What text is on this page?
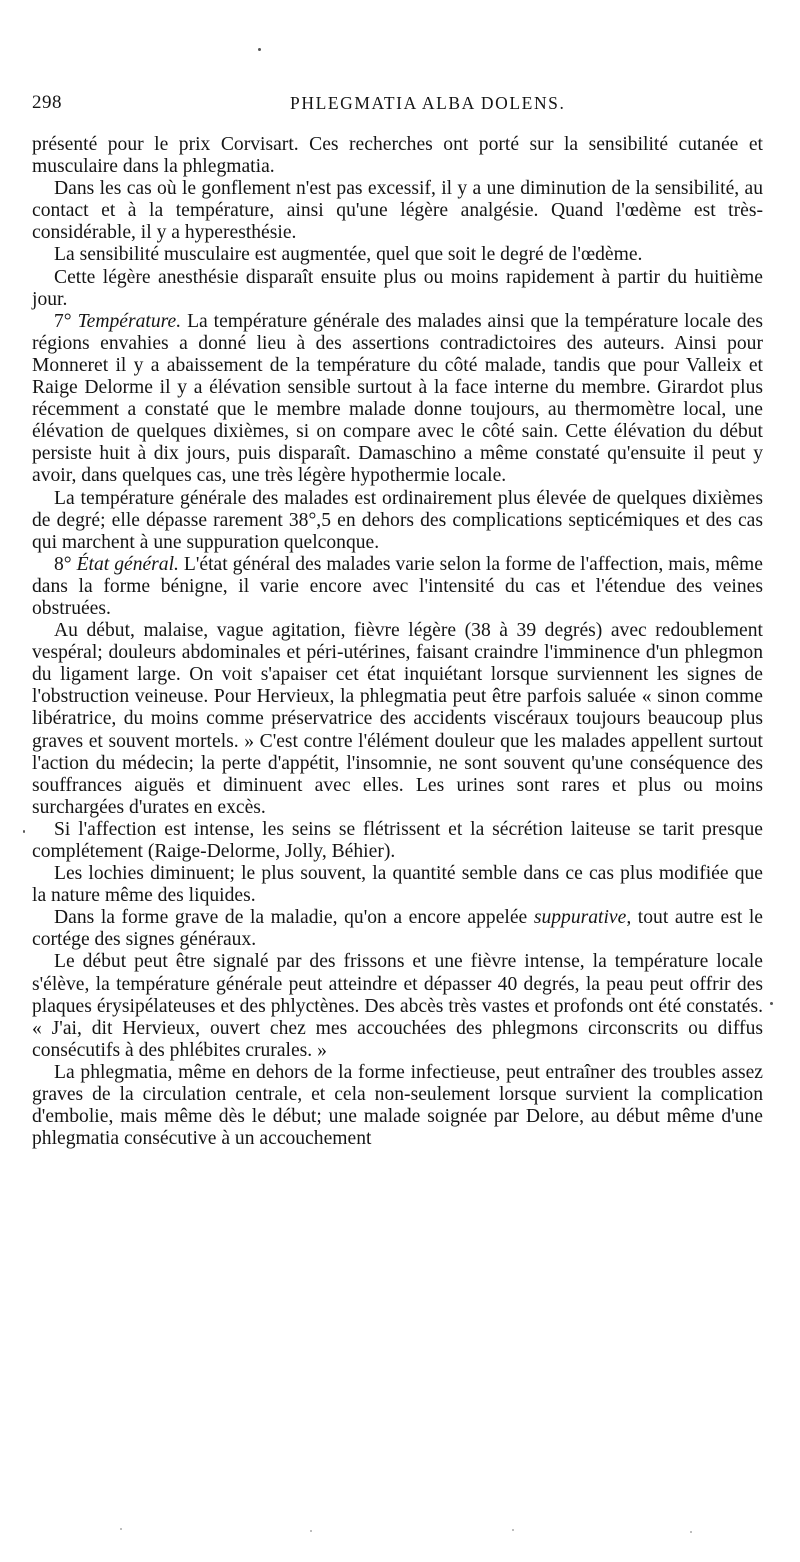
298	PHLEGMATIA ALBA DOLENS.

présenté pour le prix Corvisart. Ces recherches ont porté sur la sensibilité cutanée et musculaire dans la phlegmatia.

Dans les cas où le gonflement n'est pas excessif, il y a une diminution de la sensibilité, au contact et à la température, ainsi qu'une légère analgésie. Quand l'œdème est très-considérable, il y a hyperesthésie.

La sensibilité musculaire est augmentée, quel que soit le degré de l'œdème.

Cette légère anesthésie disparaît ensuite plus ou moins rapidement à partir du huitième jour.

7° Température. La température générale des malades ainsi que la température locale des régions envahies a donné lieu à des assertions contradictoires des auteurs. Ainsi pour Monneret il y a abaissement de la température du côté malade, tandis que pour Valleix et Raige Delorme il y a élévation sensible surtout à la face interne du membre. Girardot plus récemment a constaté que le membre malade donne toujours, au thermomètre local, une élévation de quelques dixièmes, si on compare avec le côté sain. Cette élévation du début persiste huit à dix jours, puis disparaît. Damaschino a même constaté qu'ensuite il peut y avoir, dans quelques cas, une très légère hypothermie locale.

La température générale des malades est ordinairement plus élevée de quelques dixièmes de degré; elle dépasse rarement 38°,5 en dehors des complications septicémiques et des cas qui marchent à une suppuration quelconque.

8° État général. L'état général des malades varie selon la forme de l'affection, mais, même dans la forme bénigne, il varie encore avec l'intensité du cas et l'étendue des veines obstruées.

Au début, malaise, vague agitation, fièvre légère (38 à 39 degrés) avec redoublement vespéral; douleurs abdominales et péri-utérines, faisant craindre l'imminence d'un phlegmon du ligament large. On voit s'apaiser cet état inquiétant lorsque surviennent les signes de l'obstruction veineuse. Pour Hervieux, la phlegmatia peut être parfois saluée « sinon comme libératrice, du moins comme préservatrice des accidents viscéraux toujours beaucoup plus graves et souvent mortels. » C'est contre l'élément douleur que les malades appellent surtout l'action du médecin; la perte d'appétit, l'insomnie, ne sont souvent qu'une conséquence des souffrances aiguës et diminuent avec elles. Les urines sont rares et plus ou moins surchargées d'urates en excès.

Si l'affection est intense, les seins se flétrissent et la sécrétion laiteuse se tarit presque complétement (Raige-Delorme, Jolly, Béhier).

Les lochies diminuent; le plus souvent, la quantité semble dans ce cas plus modifiée que la nature même des liquides.

Dans la forme grave de la maladie, qu'on a encore appelée suppurative, tout autre est le cortége des signes généraux.

Le début peut être signalé par des frissons et une fièvre intense, la température locale s'élève, la température générale peut atteindre et dépasser 40 degrés, la peau peut offrir des plaques érysipélateuses et des phlyctènes. Des abcès très vastes et profonds ont été constatés. « J'ai, dit Hervieux, ouvert chez mes accouchées des phlegmons circonscrits ou diffus consécutifs à des phlébites crurales. »

La phlegmatia, même en dehors de la forme infectieuse, peut entraîner des troubles assez graves de la circulation centrale, et cela non-seulement lorsque survient la complication d'embolie, mais même dès le début; une malade soignée par Delore, au début même d'une phlegmatia consécutive à un accouchement
